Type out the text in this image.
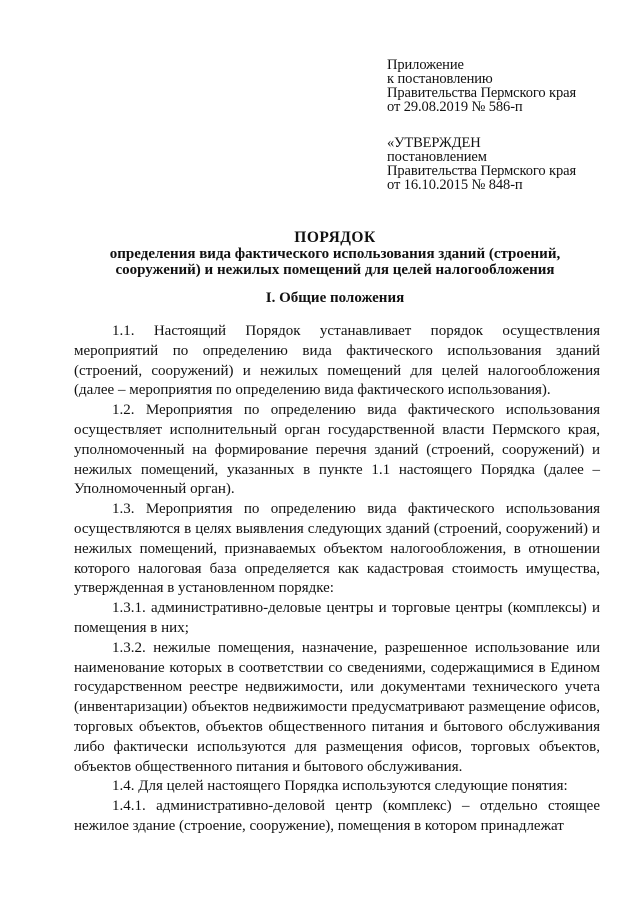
Приложение
к постановлению
Правительства Пермского края
от 29.08.2019 № 586-п
«УТВЕРЖДЕН
постановлением
Правительства Пермского края
от 16.10.2015 № 848-п
ПОРЯДОК
определения вида фактического использования зданий (строений,
сооружений) и нежилых помещений для целей налогообложения
I. Общие положения

1.1. Настоящий Порядок устанавливает порядок осуществления мероприятий по определению вида фактического использования зданий (строений, сооружений) и нежилых помещений для целей налогообложения (далее – мероприятия по определению вида фактического использования).

1.2. Мероприятия по определению вида фактического использования осуществляет исполнительный орган государственной власти Пермского края, уполномоченный на формирование перечня зданий (строений, сооружений) и нежилых помещений, указанных в пункте 1.1 настоящего Порядка (далее – Уполномоченный орган).

1.3. Мероприятия по определению вида фактического использования осуществляются в целях выявления следующих зданий (строений, сооружений) и нежилых помещений, признаваемых объектом налогообложения, в отношении которого налоговая база определяется как кадастровая стоимость имущества, утвержденная в установленном порядке:

1.3.1. административно-деловые центры и торговые центры (комплексы) и помещения в них;

1.3.2. нежилые помещения, назначение, разрешенное использование или наименование которых в соответствии со сведениями, содержащимися в Едином государственном реестре недвижимости, или документами технического учета (инвентаризации) объектов недвижимости предусматривают размещение офисов, торговых объектов, объектов общественного питания и бытового обслуживания либо фактически используются для размещения офисов, торговых объектов, объектов общественного питания и бытового обслуживания.

1.4. Для целей настоящего Порядка используются следующие понятия:

1.4.1. административно-деловой центр (комплекс) – отдельно стоящее нежилое здание (строение, сооружение), помещения в котором принадлежат
